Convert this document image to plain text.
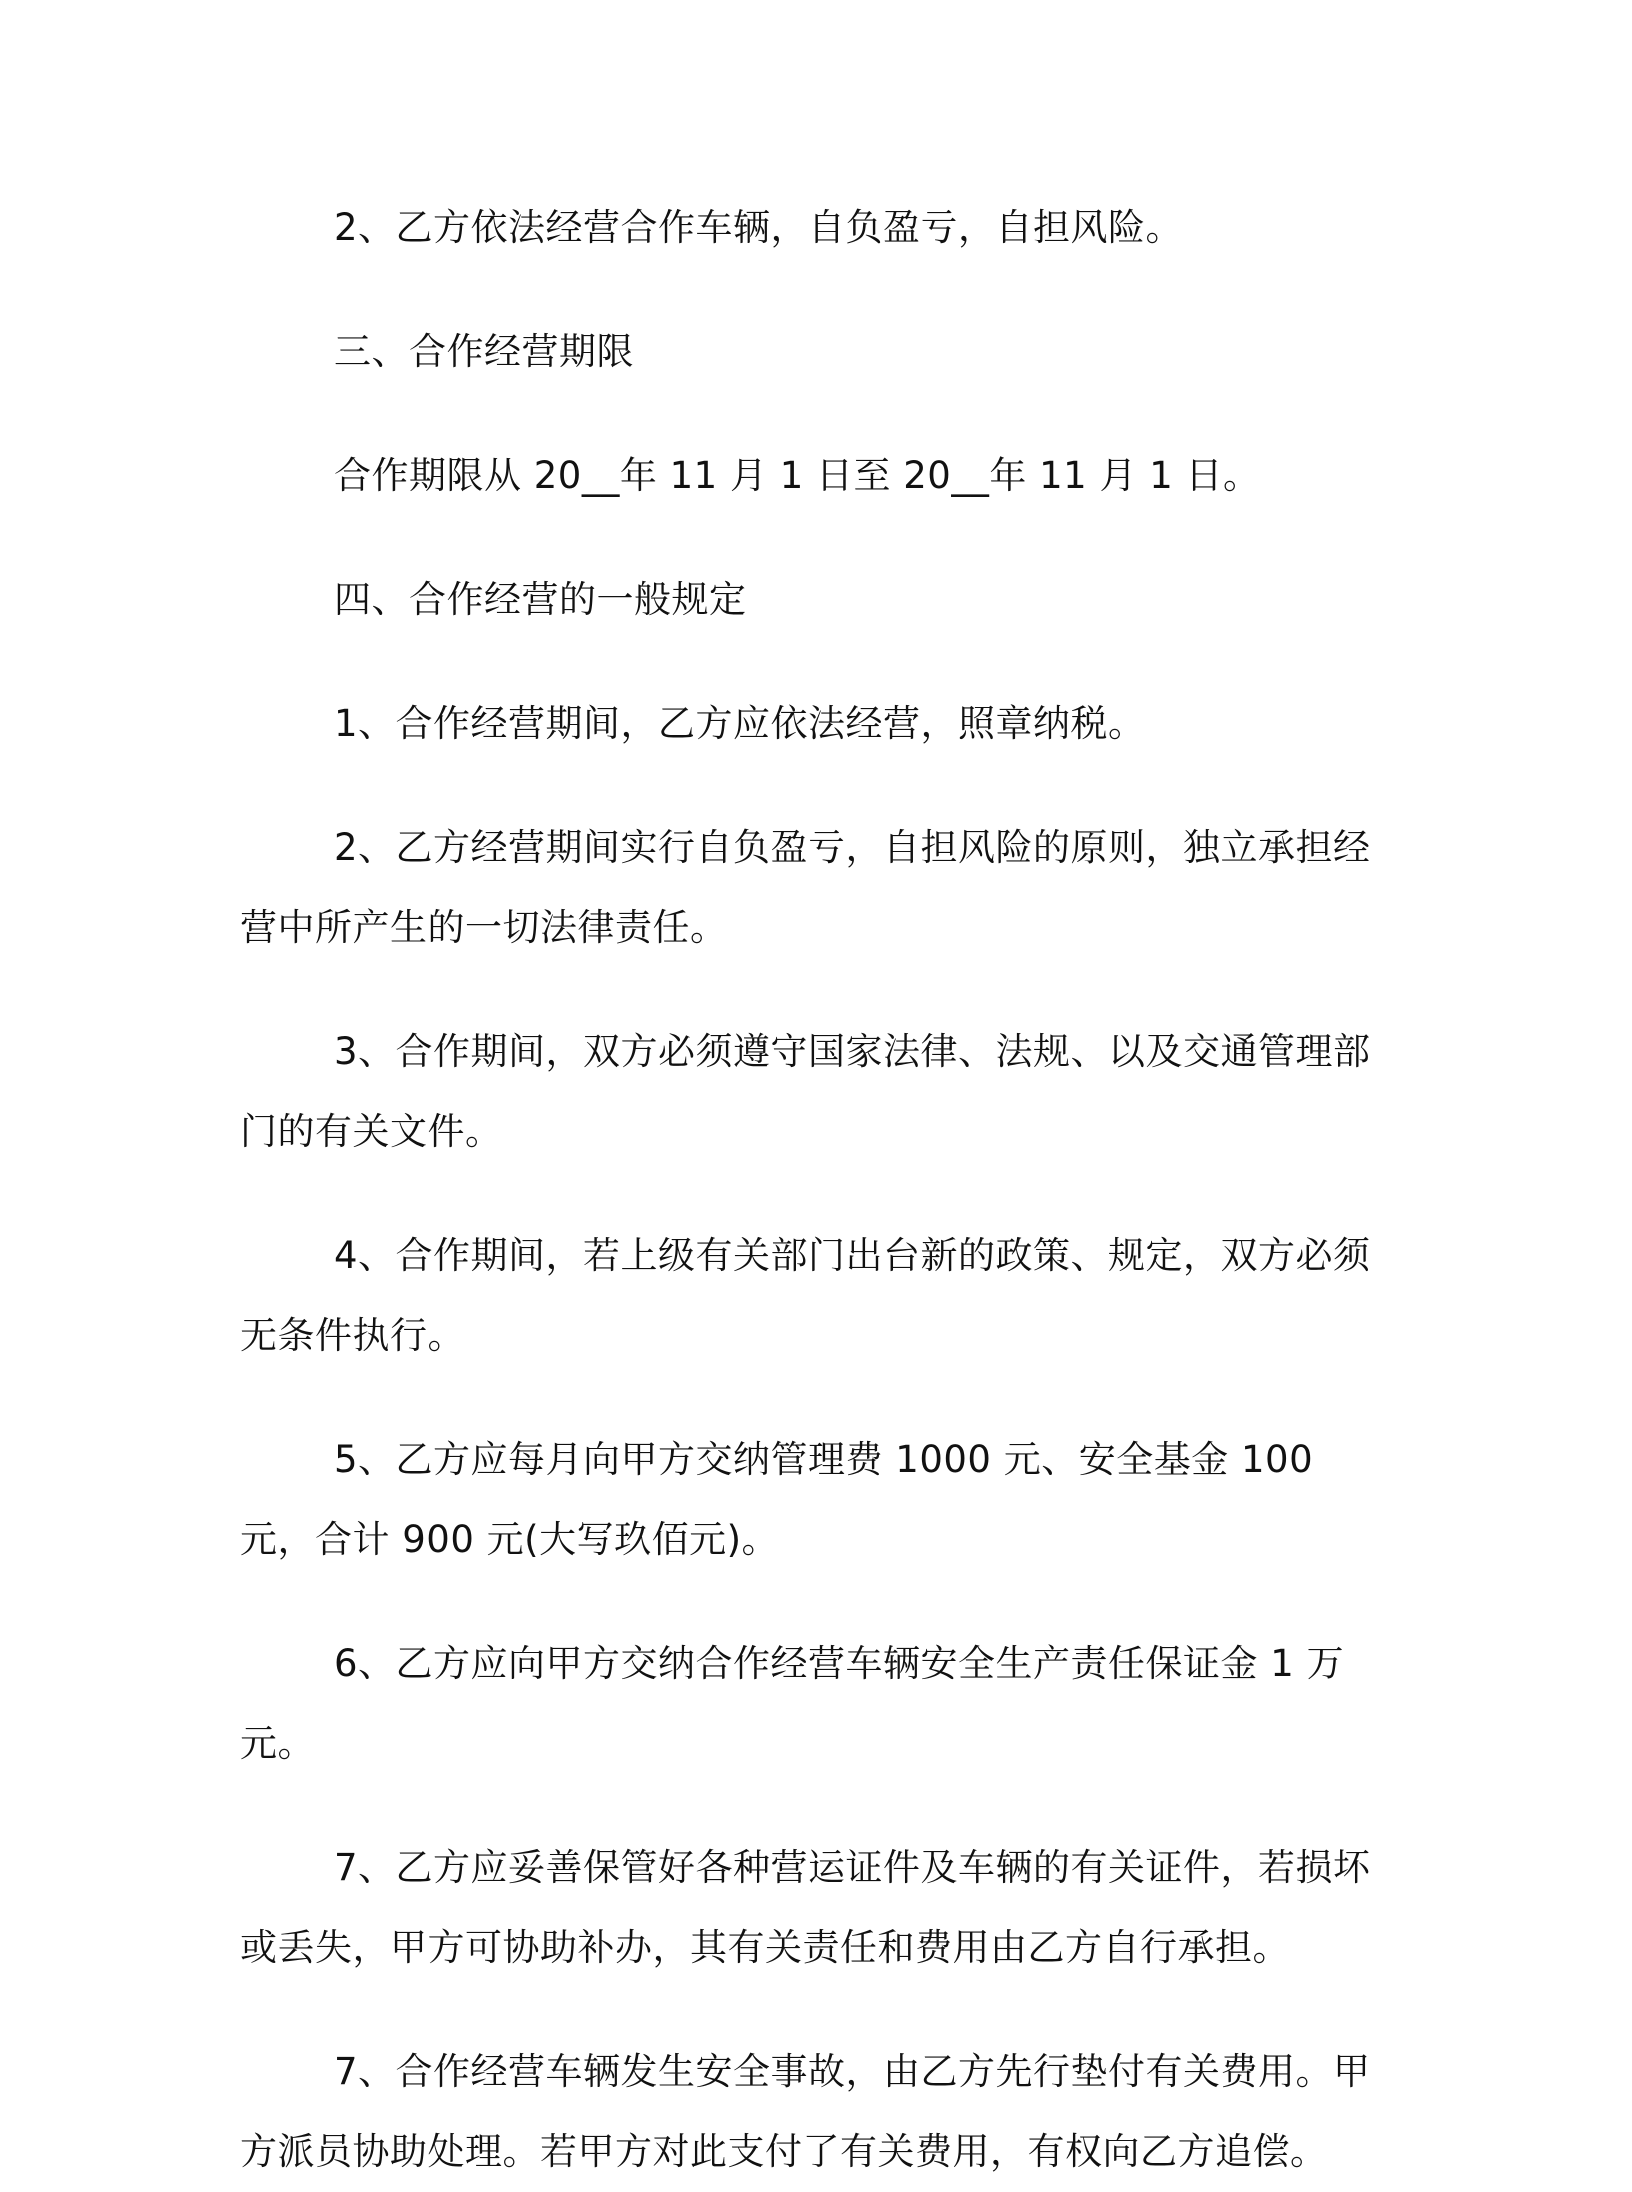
2、乙方依法经营合作车辆，自负盈亏，自担风险。

三、合作经营期限

合作期限从 20__年 11 月 1 日至 20__年 11 月 1 日。

四、合作经营的一般规定

1、合作经营期间，乙方应依法经营，照章纳税。

2、乙方经营期间实行自负盈亏，自担风险的原则，独立承担经营中所产生的一切法律责任。

3、合作期间，双方必须遵守国家法律、法规、以及交通管理部门的有关文件。

4、合作期间，若上级有关部门出台新的政策、规定，双方必须无条件执行。

5、乙方应每月向甲方交纳管理费 1000 元、安全基金 100 元，合计 900 元(大写玖佰元)。

6、乙方应向甲方交纳合作经营车辆安全生产责任保证金 1 万元。

7、乙方应妥善保管好各种营运证件及车辆的有关证件，若损坏或丢失，甲方可协助补办，其有关责任和费用由乙方自行承担。

7、合作经营车辆发生安全事故，由乙方先行垫付有关费用。甲方派员协助处理。若甲方对此支付了有关费用，有权向乙方追偿。
